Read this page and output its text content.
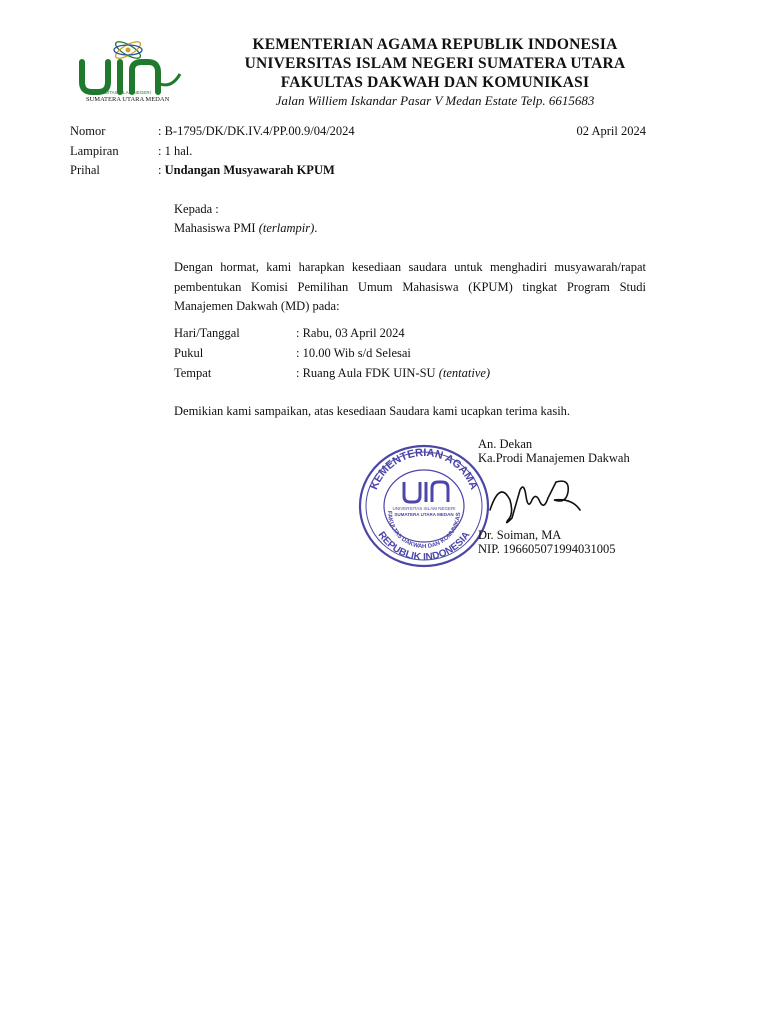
UNIVERSITAS ISLAM NEGERI
SUMATERA UTARA MEDAN
KEMENTERIAN AGAMA REPUBLIK INDONESIA
UNIVERSITAS ISLAM NEGERI SUMATERA UTARA
FAKULTAS DAKWAH DAN KOMUNIKASI
Jalan Williem Iskandar Pasar V Medan Estate Telp. 6615683
Nomor	: B-1795/DK/DK.IV.4/PP.00.9/04/2024	02 April 2024
Lampiran	: 1 hal.
Prihal	: Undangan Musyawarah KPUM
Kepada :
Mahasiswa PMI (terlampir).
Dengan hormat, kami harapkan kesediaan saudara untuk menghadiri musyawarah/rapat pembentukan Komisi Pemilihan Umum Mahasiswa (KPUM) tingkat Program Studi Manajemen Dakwah (MD) pada:
Hari/Tanggal	: Rabu, 03 April 2024
Pukul	: 10.00 Wib s/d Selesai
Tempat	: Ruang Aula FDK UIN-SU (tentative)
Demikian kami sampaikan, atas kesediaan Saudara kami ucapkan terima kasih.
KEMENTERIAN AGAMA
REPUBLIK INDONESIA
FAKULTAS DAKWAH DAN KOMUNIKAS
UNIVERSITAS ISLAM NEGERI
SUMATERA UTARA MEDAN
An. Dekan
Ka.Prodi Manajemen Dakwah
Dr. Soiman, MA
NIP. 196605071994031005
